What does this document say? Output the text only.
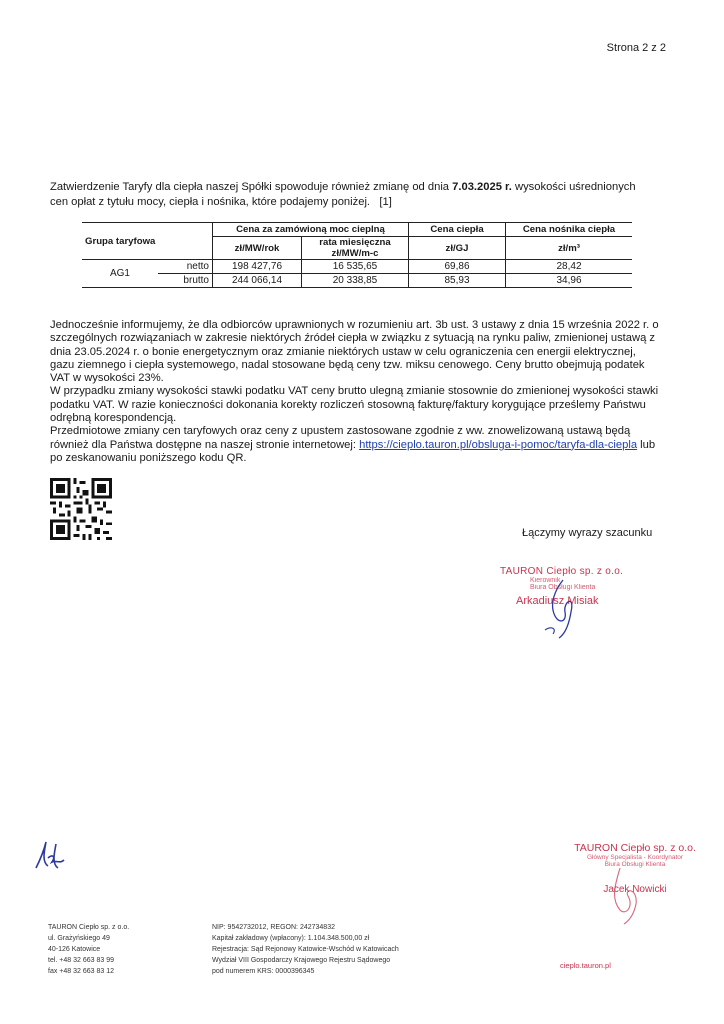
Strona 2 z 2
Zatwierdzenie Taryfy dla ciepła naszej Spółki spowoduje również zmianę od dnia 7.03.2025 r. wysokości uśrednionych cen opłat z tytułu mocy, ciepła i nośnika, które podajemy poniżej. [1]
Grupa taryfowa		Cena za zamówioną moc cieplną		Cena ciepła	Cena nośnika ciepła
		zł/MW/rok	rata miesięczna zł/MW/m-c	zł/GJ	zł/m³
AG1	netto	198 427,76	16 535,65	69,86	28,42
	brutto	244 066,14	20 338,85	85,93	34,96

Jednocześnie informujemy, że dla odbiorców uprawnionych w rozumieniu art. 3b ust. 3 ustawy z dnia 15 września 2022 r. o szczególnych rozwiązaniach w zakresie niektórych źródeł ciepła w związku z sytuacją na rynku paliw, zmienionej ustawą z dnia 23.05.2024 r. o bonie energetycznym oraz zmianie niektórych ustaw w celu ograniczenia cen energii elektrycznej, gazu ziemnego i ciepła systemowego, nadal stosowane będą ceny tzw. miksu cenowego. Ceny brutto obejmują podatek VAT w wysokości 23%.

W przypadku zmiany wysokości stawki podatku VAT ceny brutto ulegną zmianie stosownie do zmienionej wysokości stawki podatku VAT. W razie konieczności dokonania korekty rozliczeń stosowną fakturę/faktury korygujące prześlemy Państwu odrębną korespondencją.

Przedmiotowe zmiany cen taryfowych oraz ceny z upustem zastosowane zgodnie z ww. znowelizowaną ustawą będą również dla Państwa dostępne na naszej stronie internetowej: https://cieplo.tauron.pl/obsluga-i-pomoc/taryfa-dla-ciepla lub po zeskanowaniu poniższego kodu QR.

Łączymy wyrazy szacunku
TAURON Ciepło sp. z o.o.
Kierownik
Biura Obsługi Klienta
Arkadiusz Misiak
TAURON Ciepło sp. z o.o.
Główny Specjalista - Koordynator
Biura Obsługi Klienta
Jacek Nowicki
TAURON Ciepło sp. z o.o.
ul. Grażyńskiego 49
40-126 Katowice
tel. +48 32 663 83 99
fax +48 32 663 83 12
NIP: 9542732012, REGON: 242734832
Kapitał zakładowy (wpłacony): 1.104.348.500,00 zł
Rejestracja: Sąd Rejonowy Katowice-Wschód w Katowicach
Wydział VIII Gospodarczy Krajowego Rejestru Sądowego
pod numerem KRS: 0000396345
cieplo.tauron.pl
